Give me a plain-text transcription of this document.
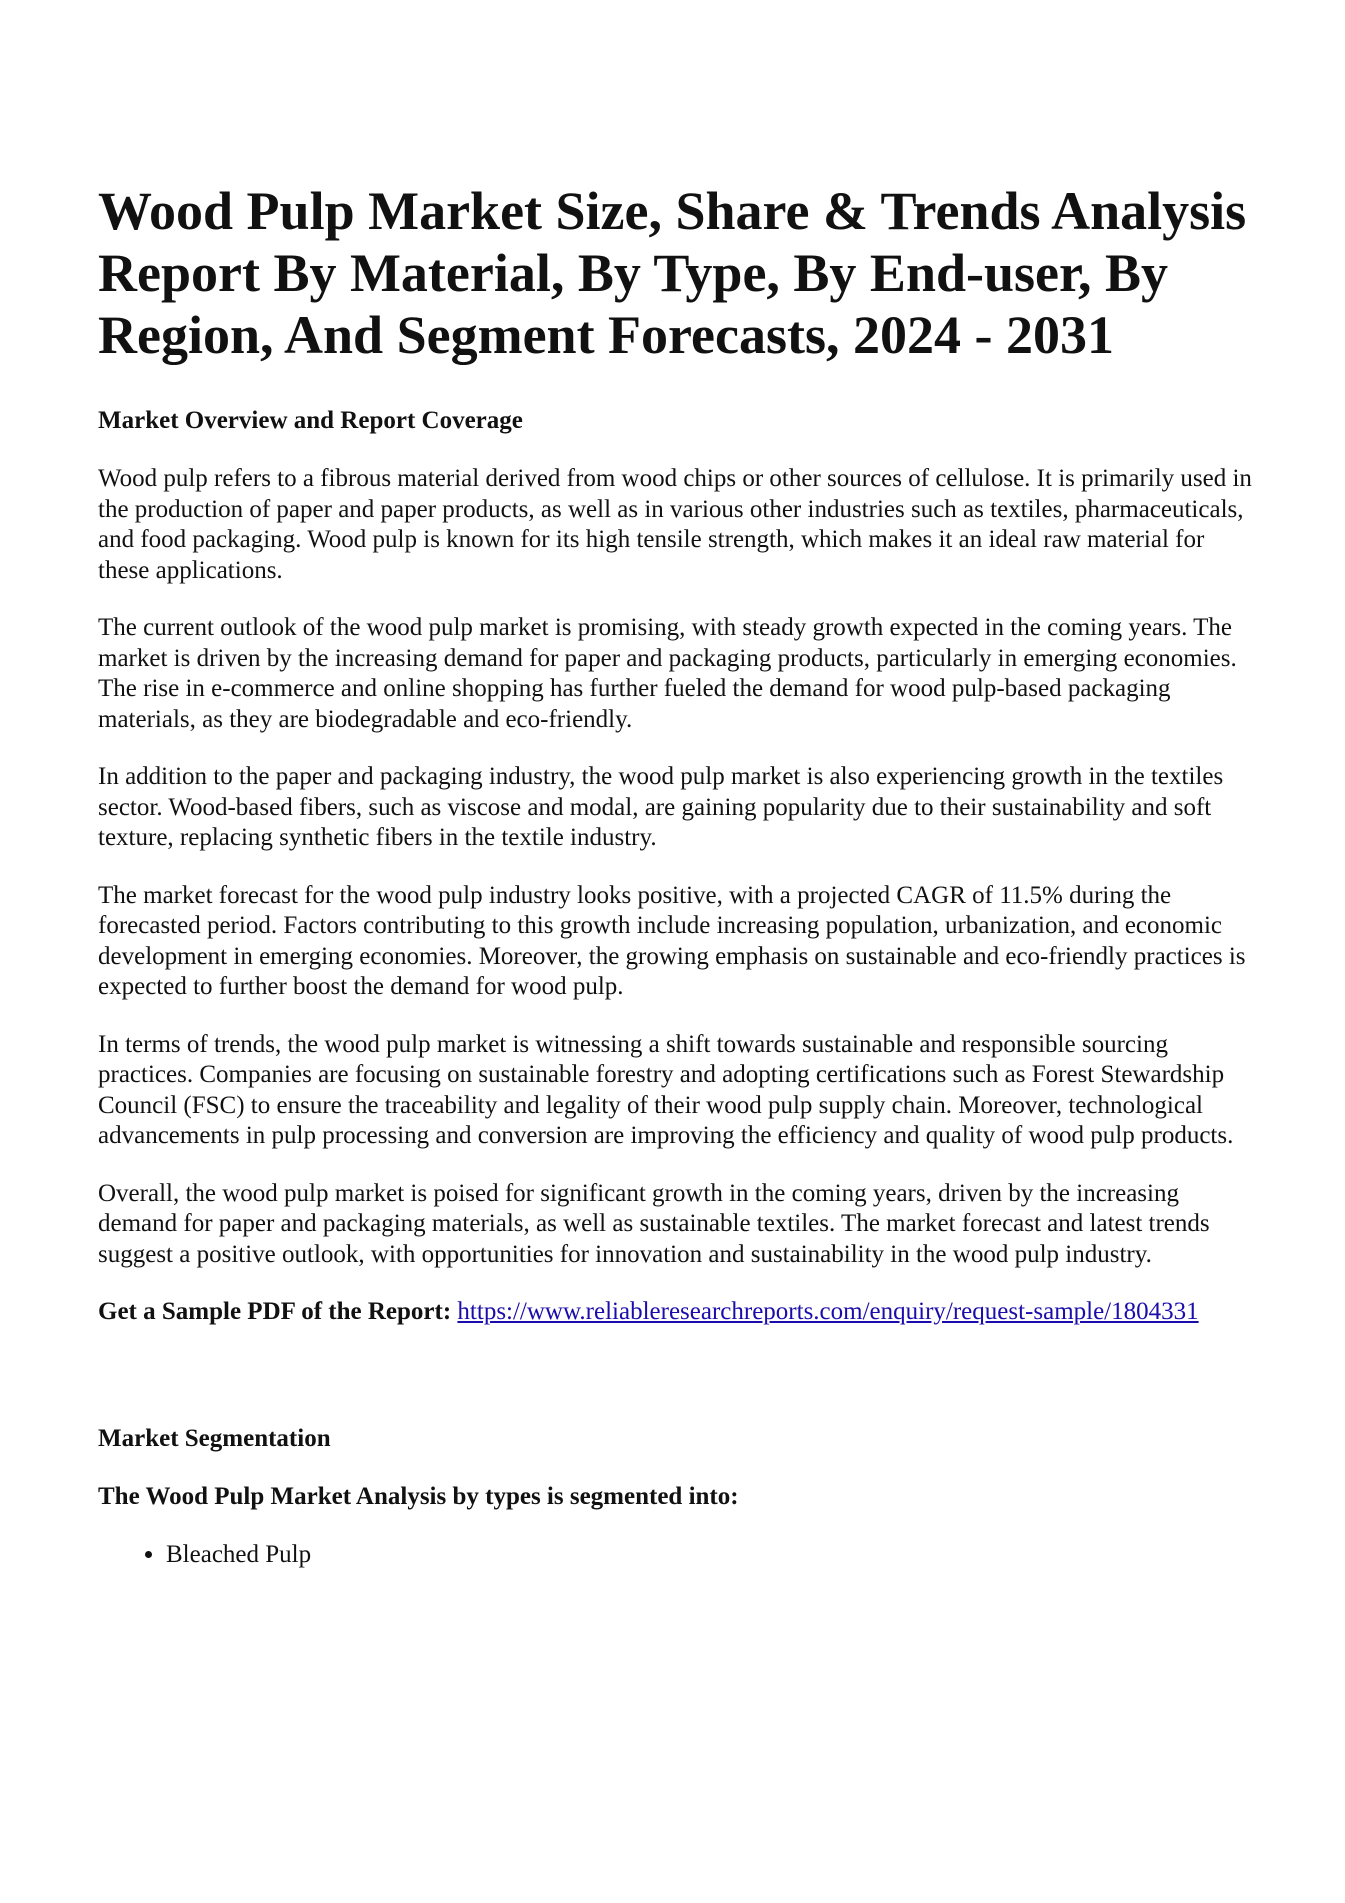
Wood Pulp Market Size, Share & Trends Analysis Report By Material, By Type, By End-user, By Region, And Segment Forecasts, 2024 - 2031
Market Overview and Report Coverage

Wood pulp refers to a fibrous material derived from wood chips or other sources of cellulose. It is primarily used in the production of paper and paper products, as well as in various other industries such as textiles, pharmaceuticals, and food packaging. Wood pulp is known for its high tensile strength, which makes it an ideal raw material for these applications.

The current outlook of the wood pulp market is promising, with steady growth expected in the coming years. The market is driven by the increasing demand for paper and packaging products, particularly in emerging economies. The rise in e-commerce and online shopping has further fueled the demand for wood pulp-based packaging materials, as they are biodegradable and eco-friendly.

In addition to the paper and packaging industry, the wood pulp market is also experiencing growth in the textiles sector. Wood-based fibers, such as viscose and modal, are gaining popularity due to their sustainability and soft texture, replacing synthetic fibers in the textile industry.

The market forecast for the wood pulp industry looks positive, with a projected CAGR of 11.5% during the forecasted period. Factors contributing to this growth include increasing population, urbanization, and economic development in emerging economies. Moreover, the growing emphasis on sustainable and eco-friendly practices is expected to further boost the demand for wood pulp.

In terms of trends, the wood pulp market is witnessing a shift towards sustainable and responsible sourcing practices. Companies are focusing on sustainable forestry and adopting certifications such as Forest Stewardship Council (FSC) to ensure the traceability and legality of their wood pulp supply chain. Moreover, technological advancements in pulp processing and conversion are improving the efficiency and quality of wood pulp products.

Overall, the wood pulp market is poised for significant growth in the coming years, driven by the increasing demand for paper and packaging materials, as well as sustainable textiles. The market forecast and latest trends suggest a positive outlook, with opportunities for innovation and sustainability in the wood pulp industry.

Get a Sample PDF of the Report: https://www.reliableresearchreports.com/enquiry/request-sample/1804331

Market Segmentation
The Wood Pulp Market Analysis by types is segmented into:
• Bleached Pulp
